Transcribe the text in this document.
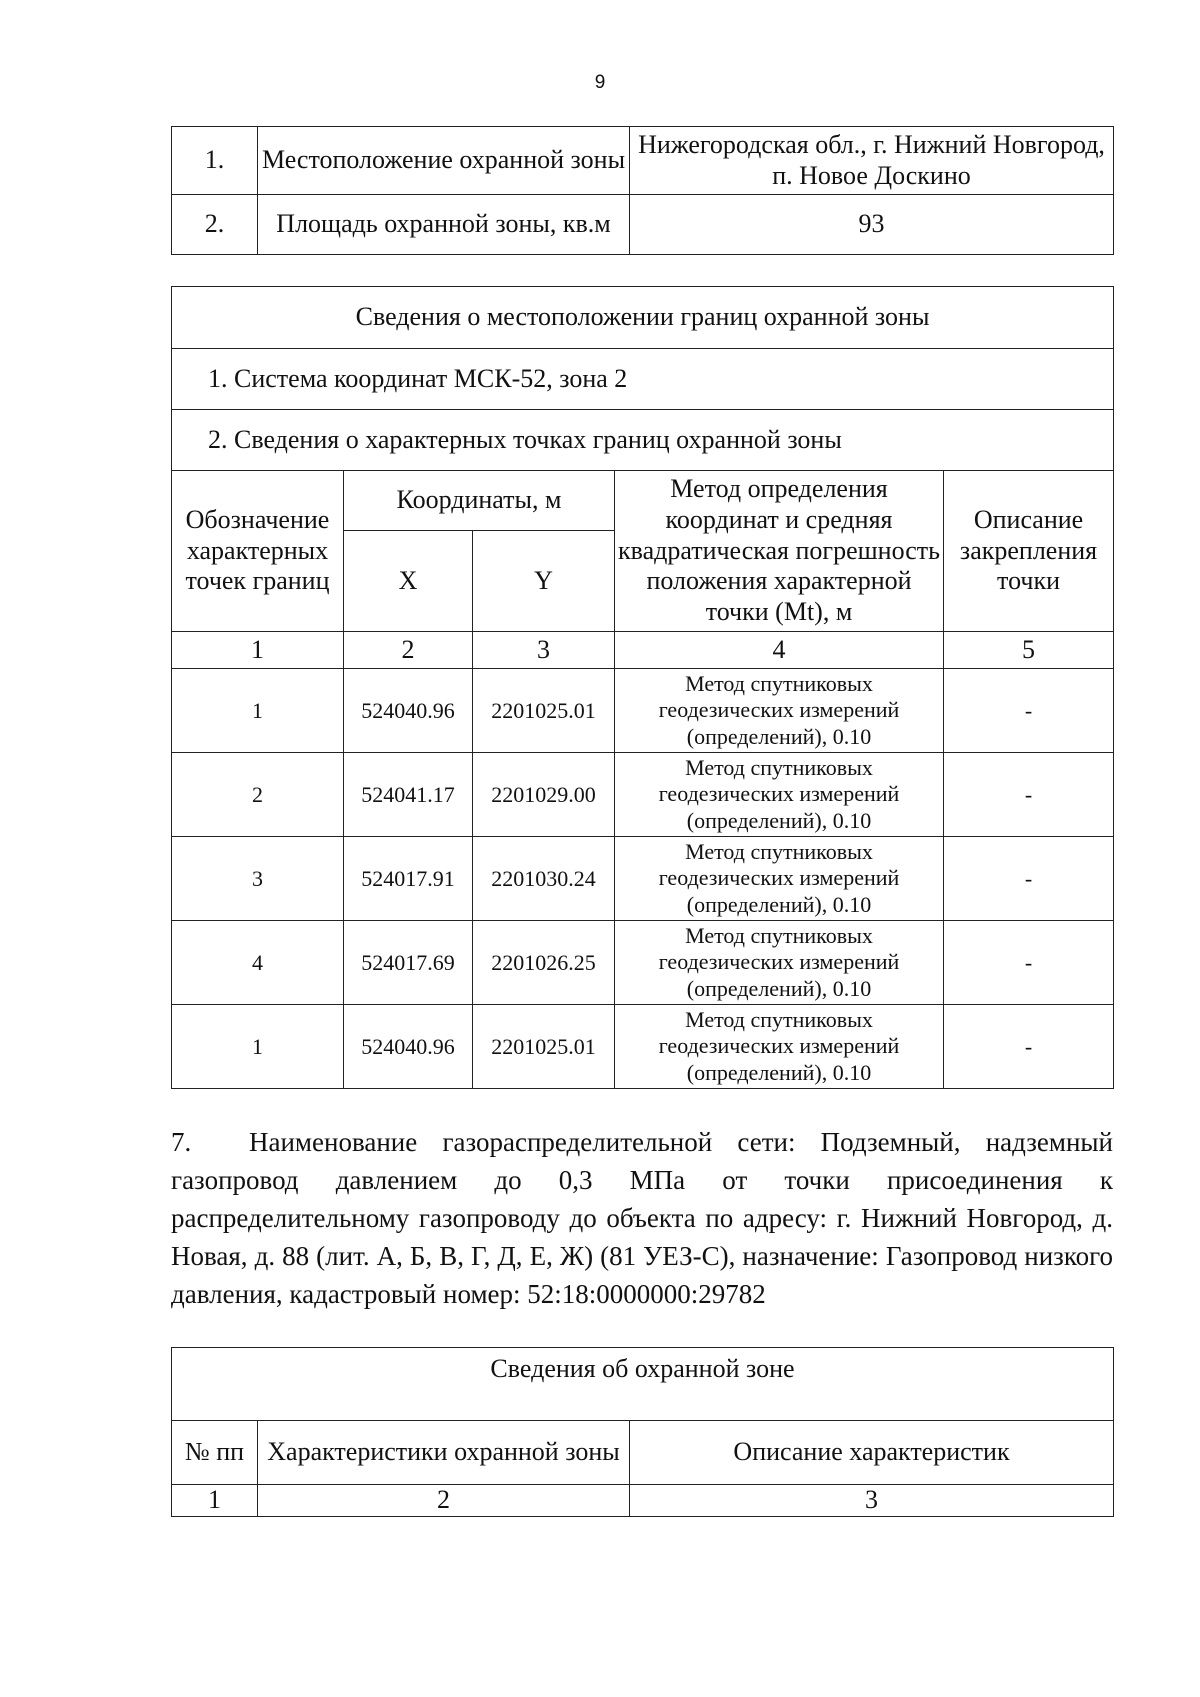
9
1.	Местоположение охранной зоны	Нижегородская обл., г. Нижний Новгород, п. Новое Доскино
2.	Площадь охранной зоны, кв.м	93
Сведения о местоположении границ охранной зоны				
1. Система координат МСК-52, зона 2				
2. Сведения о характерных точках границ охранной зоны				
Обозначение характерных точек границ	Координаты, м		Метод определения координат и средняя квадратическая погрешность положения характерной точки (Mt), м	Описание закрепления точки
	X	Y		
1	2	3	4	5
1	524040.96	2201025.01	Метод спутниковых геодезических измерений (определений), 0.10	-
2	524041.17	2201029.00	Метод спутниковых геодезических измерений (определений), 0.10	-
3	524017.91	2201030.24	Метод спутниковых геодезических измерений (определений), 0.10	-
4	524017.69	2201026.25	Метод спутниковых геодезических измерений (определений), 0.10	-
1	524040.96	2201025.01	Метод спутниковых геодезических измерений (определений), 0.10	-
7. Наименование газораспределительной сети: Подземный, надземный газопровод давлением до 0,3 МПа от точки присоединения к распределительному газопроводу до объекта по адресу: г. Нижний Новгород, д. Новая, д. 88 (лит. А, Б, В, Г, Д, Е, Ж) (81 УЕЗ-С), назначение: Газопровод низкого давления, кадастровый номер: 52:18:0000000:29782
Сведения об охранной зоне		
№ пп	Характеристики охранной зоны	Описание характеристик
1	2	3
